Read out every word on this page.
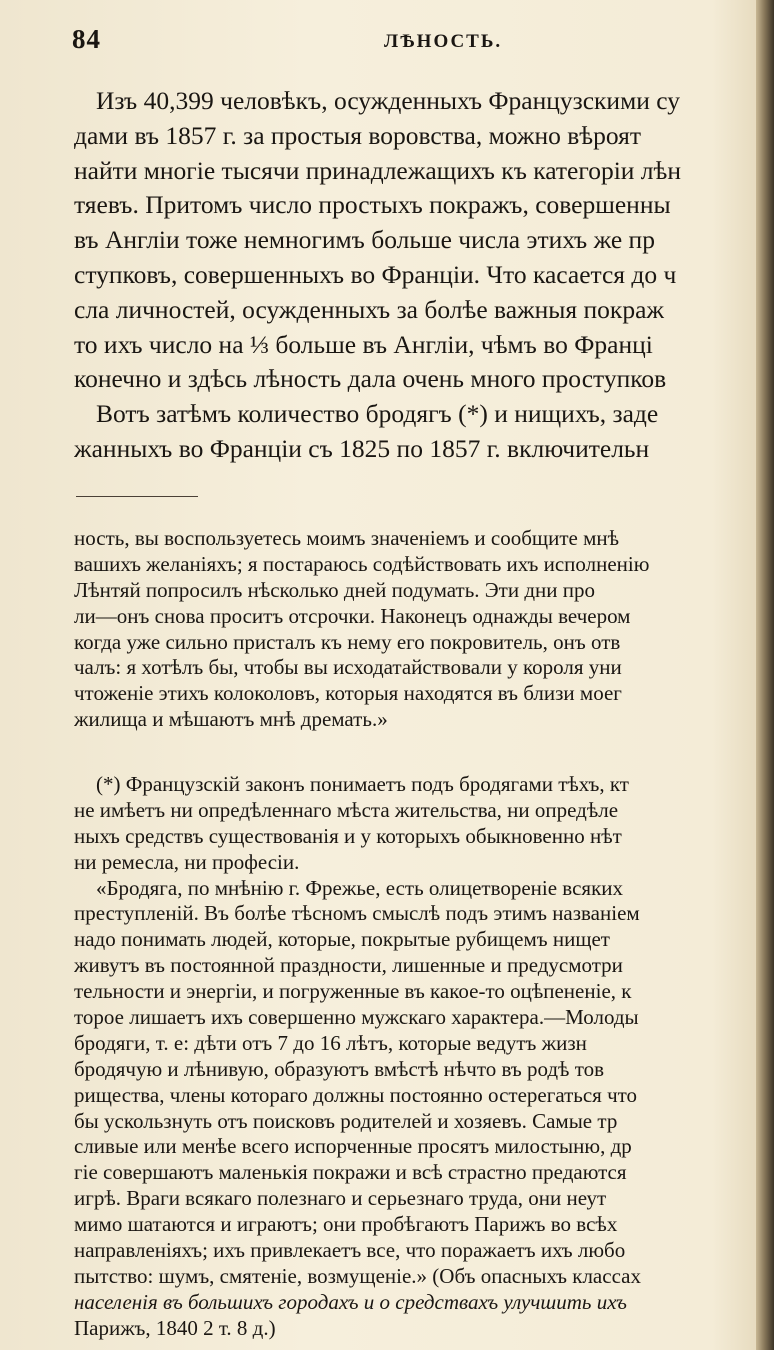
84	ЛѢНОСТЬ.
Изъ 40,399 человѣкъ, осужденныхъ Французскими су
дами въ 1857 г. за простыя воровства, можно вѣроят
найти многіе тысячи принадлежащихъ къ категоріи лѣн
тяевъ. Притомъ число простыхъ покражъ, совершенны
въ Англіи тоже немногимъ больше числа этихъ же пр
ступковъ, совершенныхъ во Франціи. Что касается до ч
сла личностей, осужденныхъ за болѣе важныя покраж
то ихъ число на ⅓ больше въ Англіи, чѣмъ во Франці
конечно и здѣсь лѣность дала очень много проступков
Вотъ затѣмъ количество бродягъ (*) и нищихъ, заде
жанныхъ во Франціи съ 1825 по 1857 г. включительн
ность, вы воспользуетесь моимъ значеніемъ и сообщите мнѣ
вашихъ желаніяхъ; я постараюсь содѣйствовать ихъ исполненію
Лѣнтяй попросилъ нѣсколько дней подумать. Эти дни про
ли—онъ снова проситъ отсрочки. Наконецъ однажды вечером
когда уже сильно присталъ къ нему его покровитель, онъ отв
чалъ: я хотѣлъ бы, чтобы вы исходатайствовали у короля уни
чтоженіе этихъ колоколовъ, которыя находятся въ близи моег
жилища и мѣшаютъ мнѣ дремать.»
(*) Французскій законъ понимаетъ подъ бродягами тѣхъ, кт
не имѣетъ ни опредѣленнаго мѣста жительства, ни опредѣле
ныхъ средствъ существованія и у которыхъ обыкновенно нѣт
ни ремесла, ни професіи.
«Бродяга, по мнѣнію г. Фрежье, есть олицетвореніе всяких
преступленій. Въ болѣе тѣсномъ смыслѣ подъ этимъ названіем
надо понимать людей, которые, покрытые рубищемъ нищет
живутъ въ постоянной праздности, лишенные и предусмотри
тельности и энергіи, и погруженные въ какое-то оцѣпененіе, к
торое лишаетъ ихъ совершенно мужскаго характера.—Молоды
бродяги, т. е: дѣти отъ 7 до 16 лѣтъ, которые ведутъ жизн
бродячую и лѣнивую, образуютъ вмѣстѣ нѣчто въ родѣ тов
рищества, члены котораго должны постоянно остерегаться что
бы ускользнуть отъ поисковъ родителей и хозяевъ. Самые тр
сливые или менѣе всего испорченные просятъ милостыню, др
гіе совершаютъ маленькія покражи и всѣ страстно предаются
игрѣ. Враги всякаго полезнаго и серьезнаго труда, они неут
мимо шатаются и играютъ; они пробѣгаютъ Парижъ во всѣх
направленіяхъ; ихъ привлекаетъ все, что поражаетъ ихъ любо
пытство: шумъ, смятеніе, возмущеніе.» (Объ опасныхъ классах
населенія въ большихъ городахъ и о средствахъ улучшить ихъ
Парижъ, 1840 2 т. 8 д.)
